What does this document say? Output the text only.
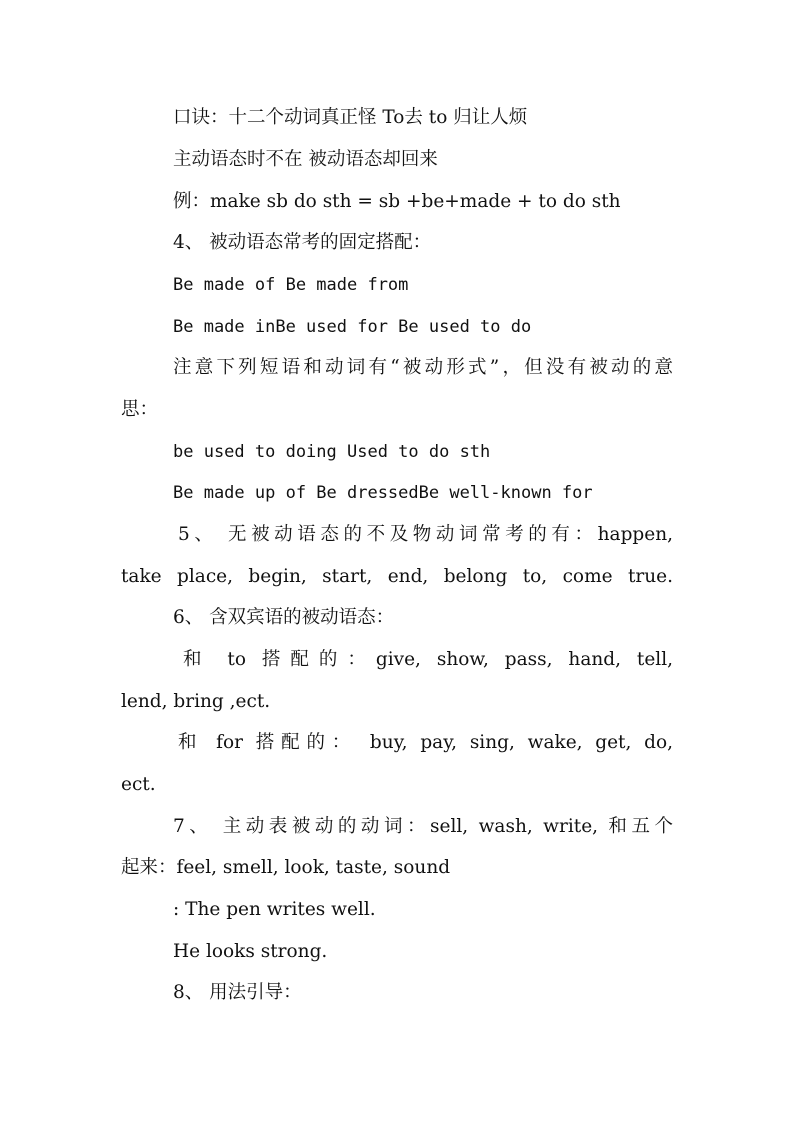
口诀：十二个动词真正怪 To去 to 归让人烦
主动语态时不在 被动语态却回来
例：make sb do sth = sb +be+made + to do sth
4、 被动语态常考的固定搭配：
Be made of Be made from
Be made inBe used for Be used to do
注意下列短语和动词有“被动形式”，但没有被动的意
思：
be used to doing Used to do sth
Be made up of Be dressedBe well-known for
5、 无被动语态的不及物动词常考的有：happen,
take place, begin, start, end, belong to, come true.
6、 含双宾语的被动语态：
和 to 搭配的：give, show, pass, hand, tell,
lend, bring ,ect.
和 for 搭配的： buy, pay, sing, wake, get, do,
ect.
7、 主动表被动的动词：sell, wash, write, 和五个
起来：feel, smell, look, taste, sound
: The pen writes well.
He looks strong.
8、 用法引导：
